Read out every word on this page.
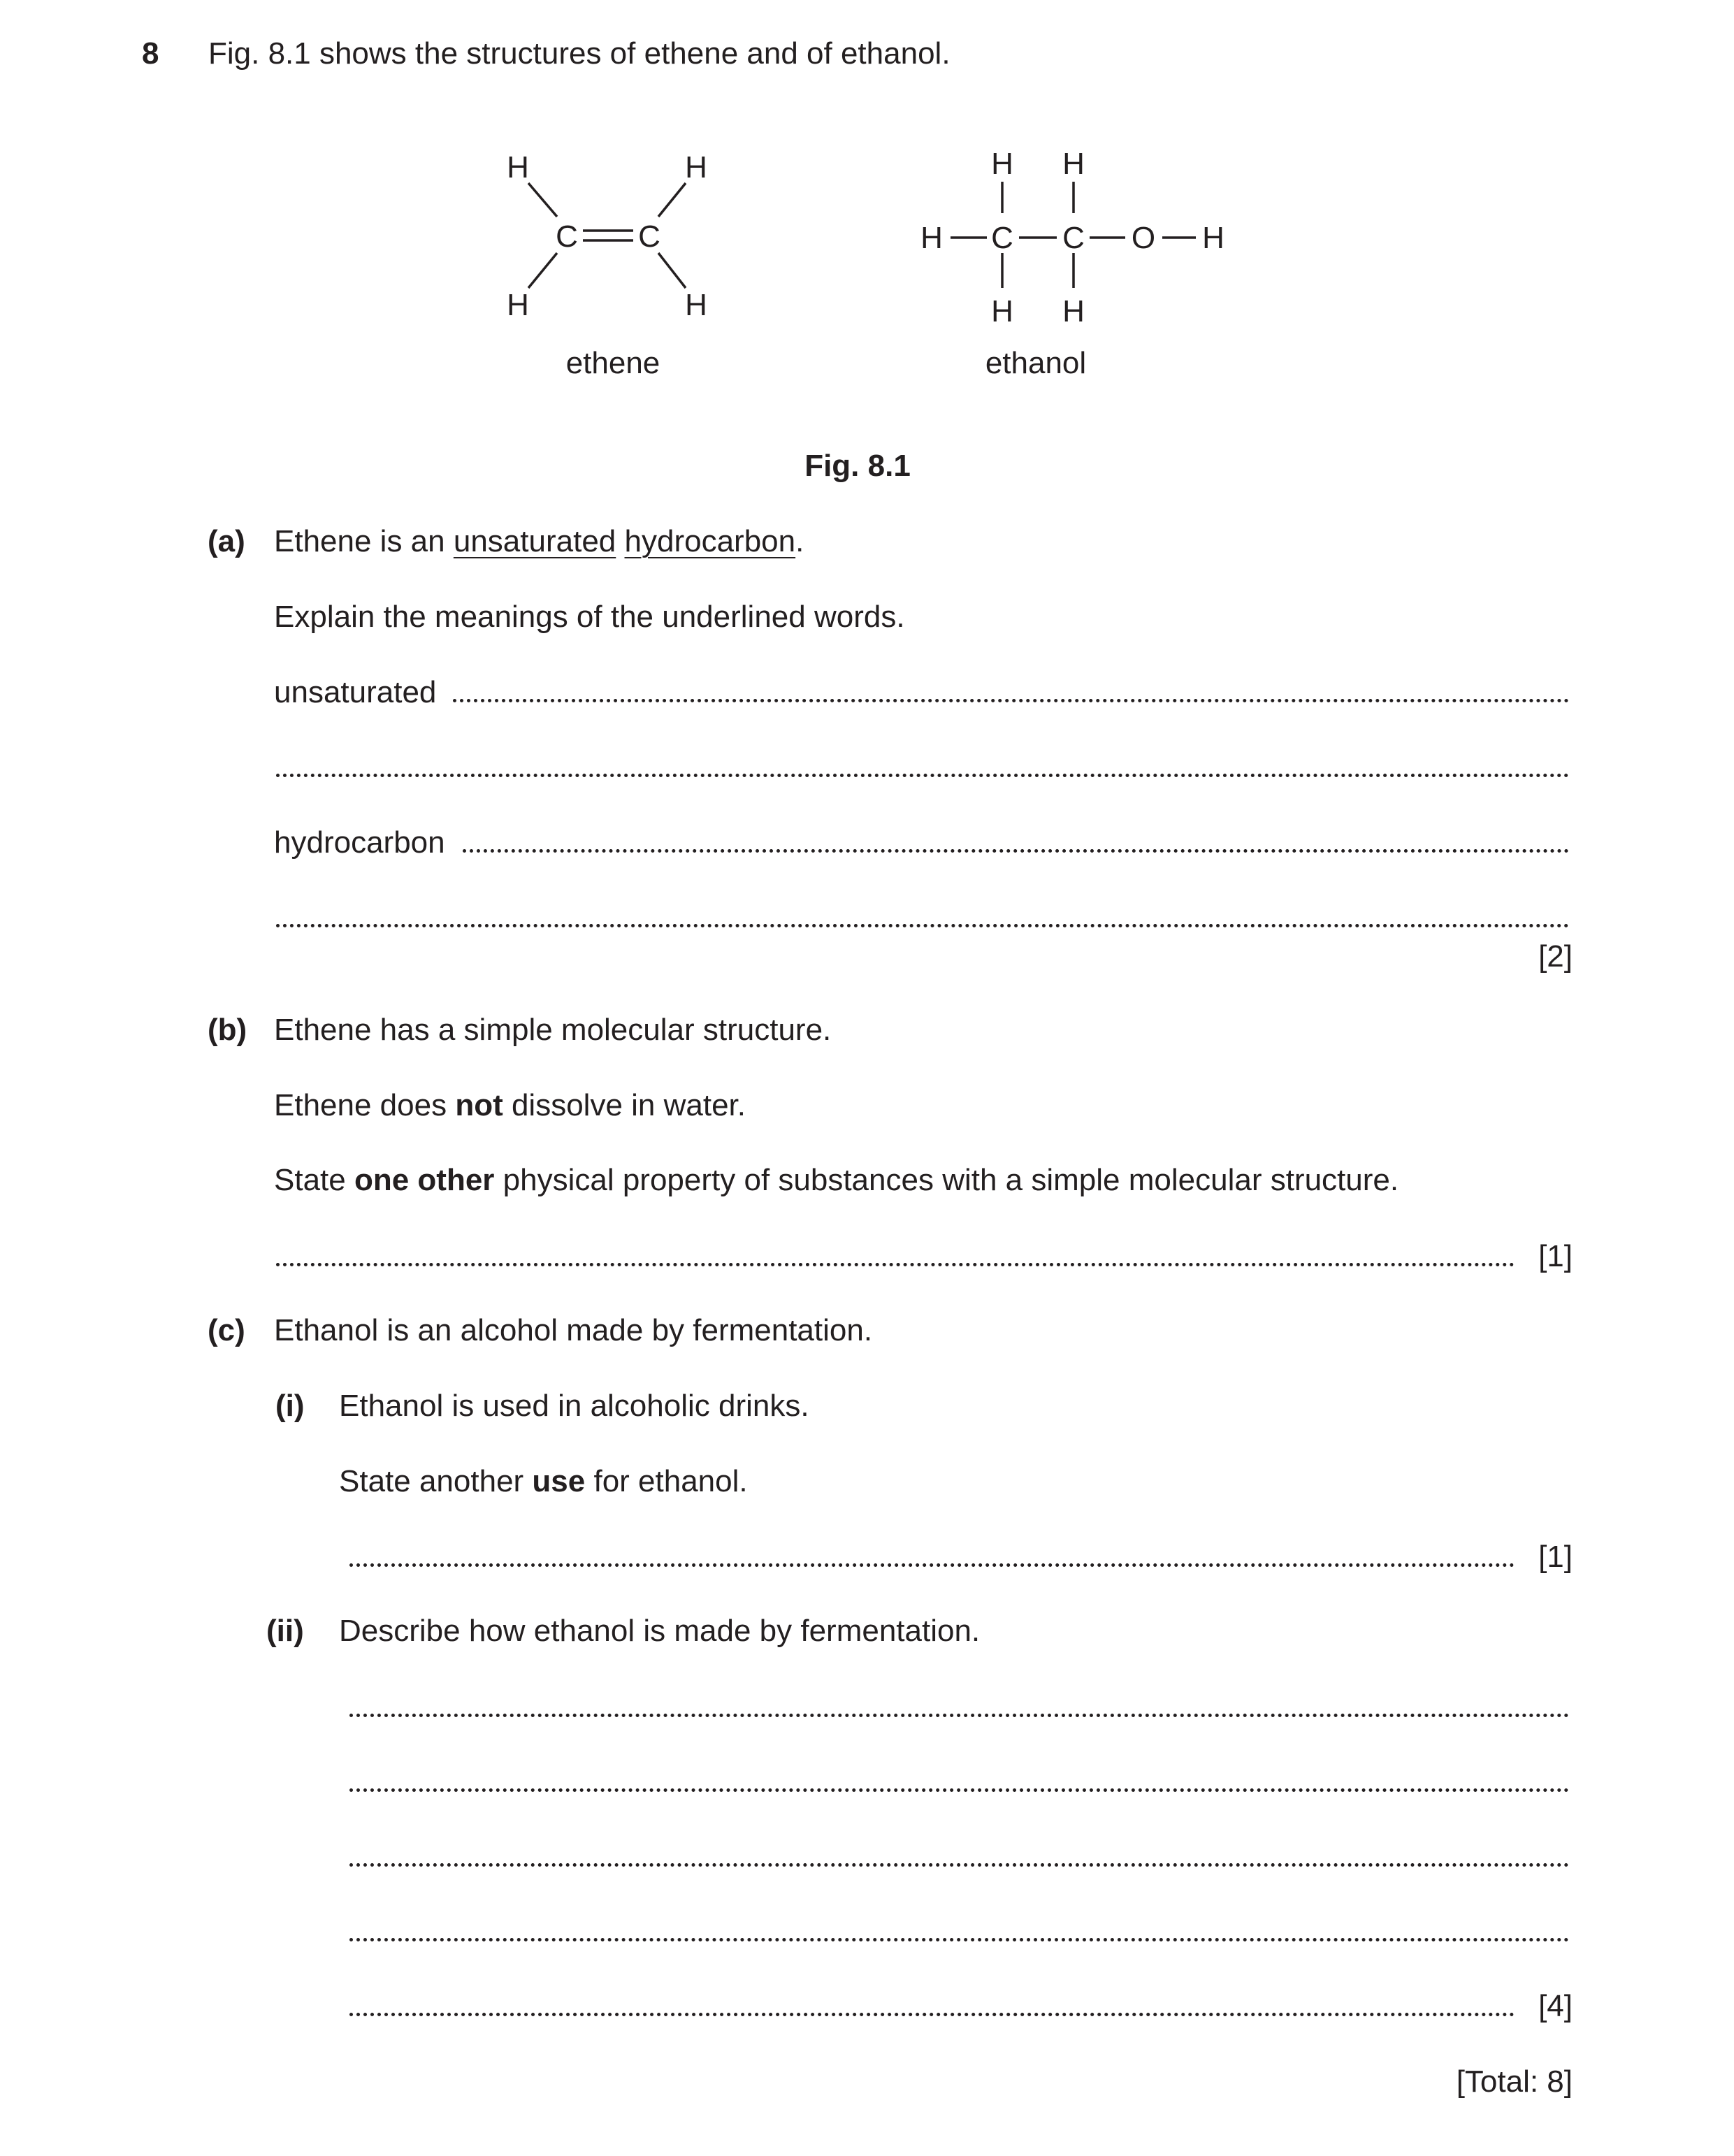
8 Fig. 8.1 shows the structures of ethene and of ethanol.
H	H
H	H
C C
H H
H C C O H
H H
ethene	ethanol
Fig. 8.1
(a) Ethene is an unsaturated hydrocarbon.
Explain the meanings of the underlined words.
unsaturated
hydrocarbon
[2]
(b) Ethene has a simple molecular structure.
Ethene does not dissolve in water.
State one other physical property of substances with a simple molecular structure.
[1]
(c) Ethanol is an alcohol made by fermentation.
(i) Ethanol is used in alcoholic drinks.
State another use for ethanol.
[1]
(ii) Describe how ethanol is made by fermentation.
[4]
[Total: 8]
